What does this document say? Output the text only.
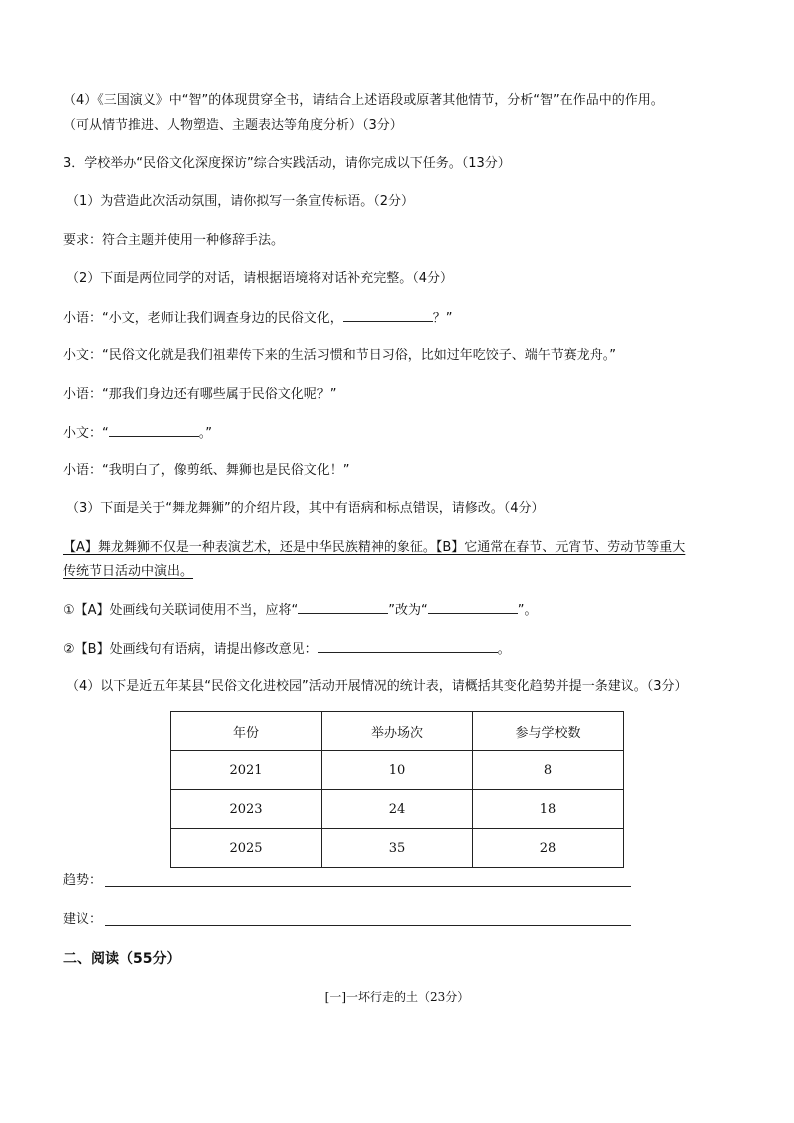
（4）《三国演义》中“智”的体现贯穿全书，请结合上述语段或原著其他情节，分析“智”在作品中的作用。
（可从情节推进、人物塑造、主题表达等角度分析）（3分）
3．学校举办“民俗文化深度探访”综合实践活动，请你完成以下任务。（13分）
（1）为营造此次活动氛围，请你拟写一条宣传标语。（2分）
要求：符合主题并使用一种修辞手法。
（2）下面是两位同学的对话，请根据语境将对话补充完整。（4分）
小语：“小文，老师让我们调查身边的民俗文化，	？”
小文：“民俗文化就是我们祖辈传下来的生活习惯和节日习俗，比如过年吃饺子、端午节赛龙舟。”
小语：“那我们身边还有哪些属于民俗文化呢？”
小文：“	。”
小语：“我明白了，像剪纸、舞狮也是民俗文化！”
（3）下面是关于“舞龙舞狮”的介绍片段，其中有语病和标点错误，请修改。（4分）
【A】舞龙舞狮不仅是一种表演艺术，还是中华民族精神的象征。【B】它通常在春节、元宵节、劳动节等重大
传统节日活动中演出。
①【A】处画线句关联词使用不当，应将“	”改为“	”。
②【B】处画线句有语病，请提出修改意见：	。
（4）以下是近五年某县“民俗文化进校园”活动开展情况的统计表，请概括其变化趋势并提一条建议。（3分）
年份	举办场次	参与学校数
2021	10	8
2023	24	18
2025	35	28
趋势：
建议：
二、阅读（55分）
[一]一坏行走的土（23分）
